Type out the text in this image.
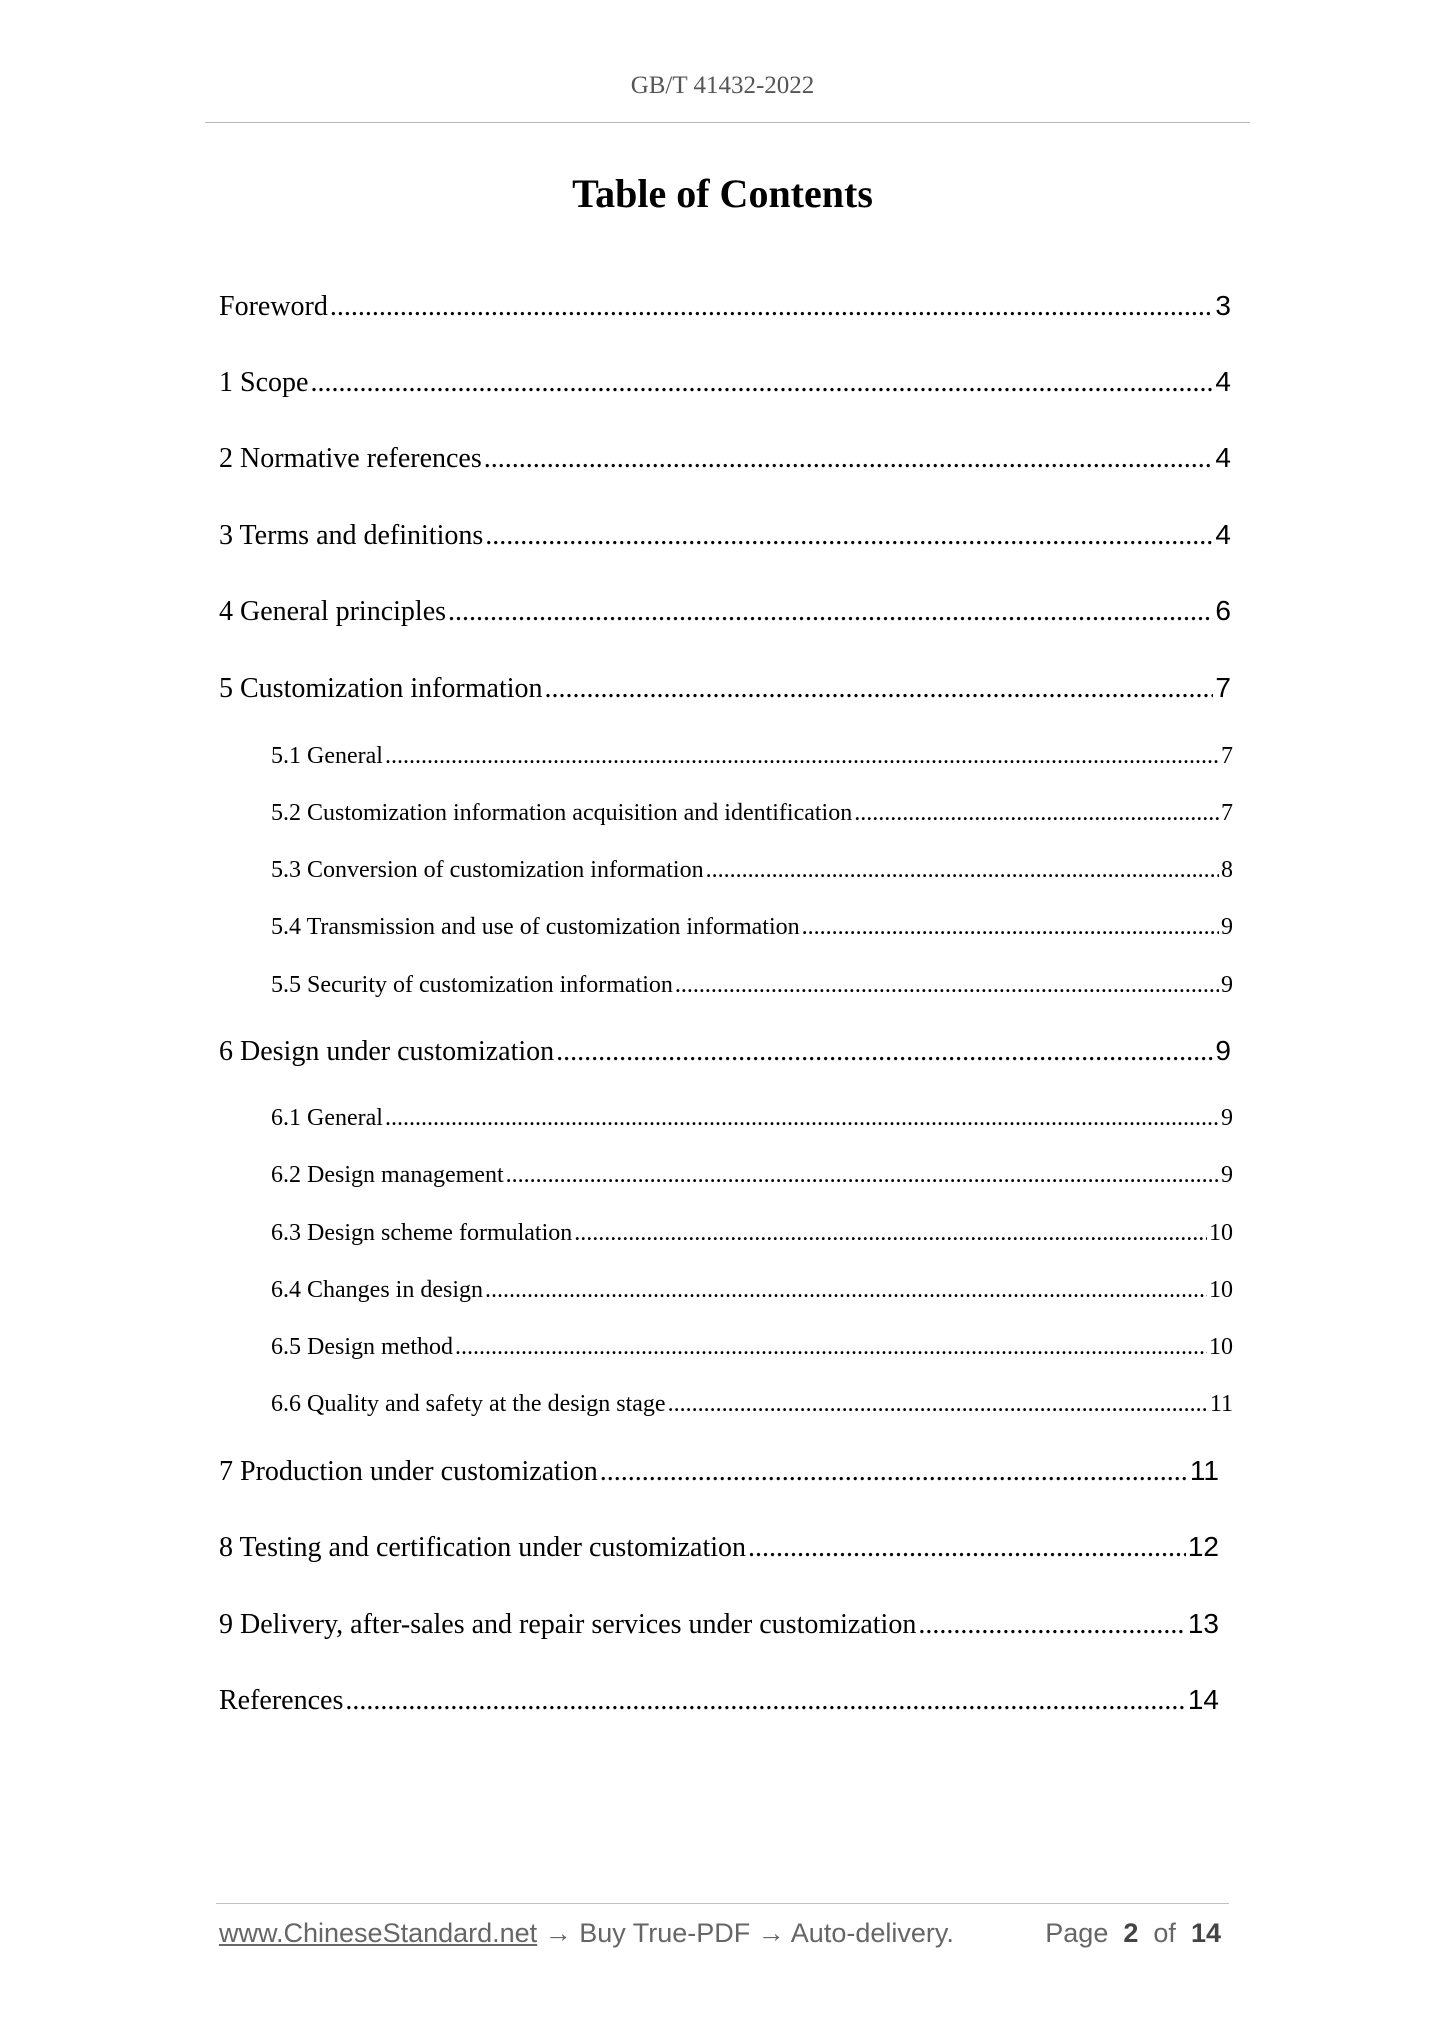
GB/T 41432-2022
Table of Contents
Foreword .....	3
1 Scope .....	4
2 Normative references .....	4
3 Terms and definitions .....	4
4 General principles .....	6
5 Customization information .....	7
5.1 General .....	7
5.2 Customization information acquisition and identification .....	7
5.3 Conversion of customization information .....	8
5.4 Transmission and use of customization information .....	9
5.5 Security of customization information .....	9
6 Design under customization .....	9
6.1 General .....	9
6.2 Design management .....	9
6.3 Design scheme formulation .....	10
6.4 Changes in design .....	10
6.5 Design method .....	10
6.6 Quality and safety at the design stage .....	11
7 Production under customization .....	11
8 Testing and certification under customization .....	12
9 Delivery, after-sales and repair services under customization .....	13
References .....	14
www.ChineseStandard.net → Buy True-PDF → Auto-delivery.	Page 2 of 14
